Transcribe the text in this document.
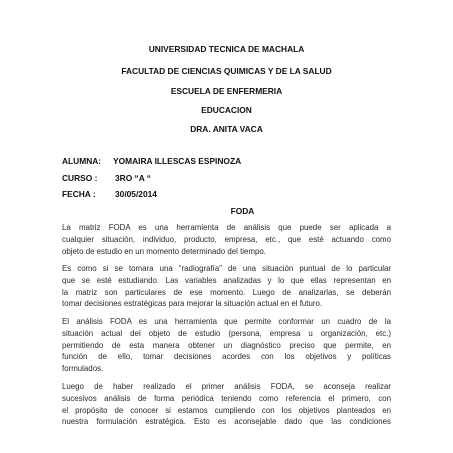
UNIVERSIDAD TECNICA DE MACHALA
FACULTAD DE CIENCIAS QUIMICAS Y DE LA SALUD
ESCUELA DE ENFERMERIA
EDUCACION
DRA. ANITA VACA
ALUMNA: YOMAIRA ILLESCAS ESPINOZA
CURSO : 3RO “A “
FECHA : 30/05/2014
FODA
La matriz FODA es una herramienta de análisis que puede ser aplicada a
cualquier situación, individuo, producto, empresa, etc., que esté actuando como
objeto de estudio en un momento determinado del tiempo.
Es como si se tomara una “radiografía” de una situación puntual de lo particular
que se esté estudiando. Las variables analizadas y lo que ellas representan en
la matriz son particulares de ese momento. Luego de analizarlas, se deberán
tomar decisiones estratégicas para mejorar la situación actual en el futuro.
El análisis FODA es una herramienta que permite conformar un cuadro de la
situación actual del objeto de estudio (persona, empresa u organización, etc.)
permitiendo de esta manera obtener un diagnóstico preciso que permite, en
función de ello, tomar decisiones acordes con los objetivos y políticas
formulados.
Luego de haber realizado el primer análisis FODA, se aconseja realizar
sucesivos análisis de forma periódica teniendo como referencia el primero, con
el propósito de conocer si estamos cumpliendo con los objetivos planteados en
nuestra formulación estratégica. Esto es aconsejable dado que las condiciones
